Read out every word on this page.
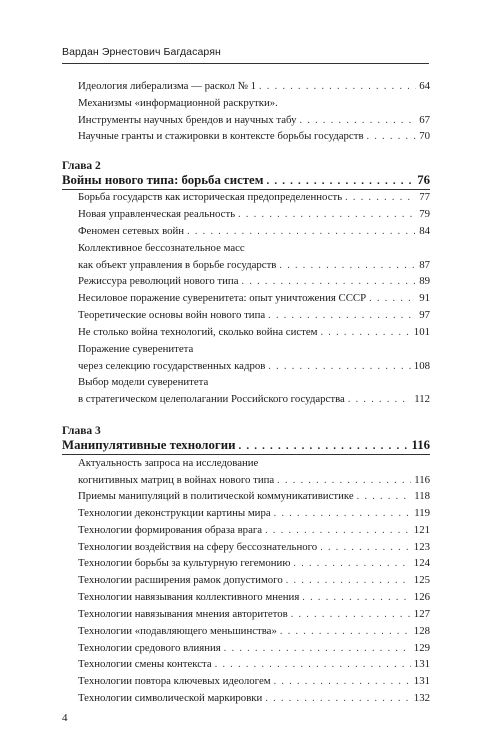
Вардан Эрнестович Багдасарян
Идеология либерализма — раскол № 1 . . .	64
Механизмы «информационной раскрутки».
Инструменты научных брендов и научных табу . . .	67
Научные гранты и стажировки в контексте борьбы государств . . .	70
Глава 2
Войны нового типа: борьба систем . . .	76
Борьба государств как историческая предопределенность . . .	77
Новая управленческая реальность . . .	79
Феномен сетевых войн . . .	84
Коллективное бессознательное масс
как объект управления в борьбе государств . . .	87
Режиссура революций нового типа . . .	89
Несиловое поражение суверенитета: опыт уничтожения СССР . . .	91
Теоретические основы войн нового типа . . .	97
Не столько война технологий, сколько война систем . . .	101
Поражение суверенитета
через селекцию государственных кадров . . .	108
Выбор модели суверенитета
в стратегическом целеполагании Российского государства . . .	112
Глава 3
Манипулятивные технологии . . .	116
Актуальность запроса на исследование
когнитивных матриц в войнах нового типа . . .	116
Приемы манипуляций в политической коммуникативистике . . .	118
Технологии деконструкции картины мира . . .	119
Технологии формирования образа врага . . .	121
Технологии воздействия на сферу бессознательного . . .	123
Технологии борьбы за культурную гегемонию . . .	124
Технологии расширения рамок допустимого . . .	125
Технологии навязывания коллективного мнения . . .	126
Технологии навязывания мнения авторитетов . . .	127
Технологии «подавляющего меньшинства» . . .	128
Технологии средового влияния . . .	129
Технологии смены контекста . . .	131
Технологии повтора ключевых идеологем . . .	131
Технологии символической маркировки . . .	132
4
